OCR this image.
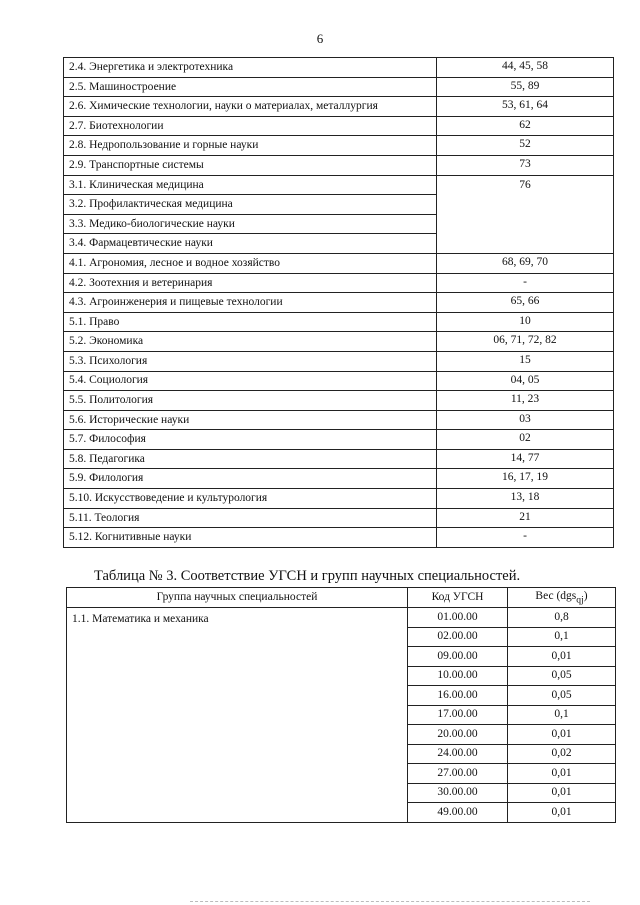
6
2.4. Энергетика и электротехника	44, 45, 58
2.5. Машиностроение	55, 89
2.6. Химические технологии, науки о материалах, металлургия	53, 61, 64
2.7. Биотехнологии	62
2.8. Недропользование и горные науки	52
2.9. Транспортные системы	73
3.1. Клиническая медицина	76
3.2. Профилактическая медицина	
3.3. Медико-биологические науки	
3.4. Фармацевтические науки	
4.1. Агрономия, лесное и водное хозяйство	68, 69, 70
4.2. Зоотехния и ветеринария	-
4.3. Агроинженерия и пищевые технологии	65, 66
5.1. Право	10
5.2. Экономика	06, 71, 72, 82
5.3. Психология	15
5.4. Социология	04, 05
5.5. Политология	11, 23
5.6. Исторические науки	03
5.7. Философия	02
5.8. Педагогика	14, 77
5.9. Филология	16, 17, 19
5.10. Искусствоведение и культурология	13, 18
5.11. Теология	21
5.12. Когнитивные науки	-
Таблица № 3. Соответствие УГСН и групп научных специальностей.
Группа научных специальностей	Код УГСН	Вес (dgs$_{qj}$)
1.1. Математика и механика	01.00.00	0,8
	02.00.00	0,1
	09.00.00	0,01
	10.00.00	0,05
	16.00.00	0,05
	17.00.00	0,1
	20.00.00	0,01
	24.00.00	0,02
	27.00.00	0,01
	30.00.00	0,01
	49.00.00	0,01
